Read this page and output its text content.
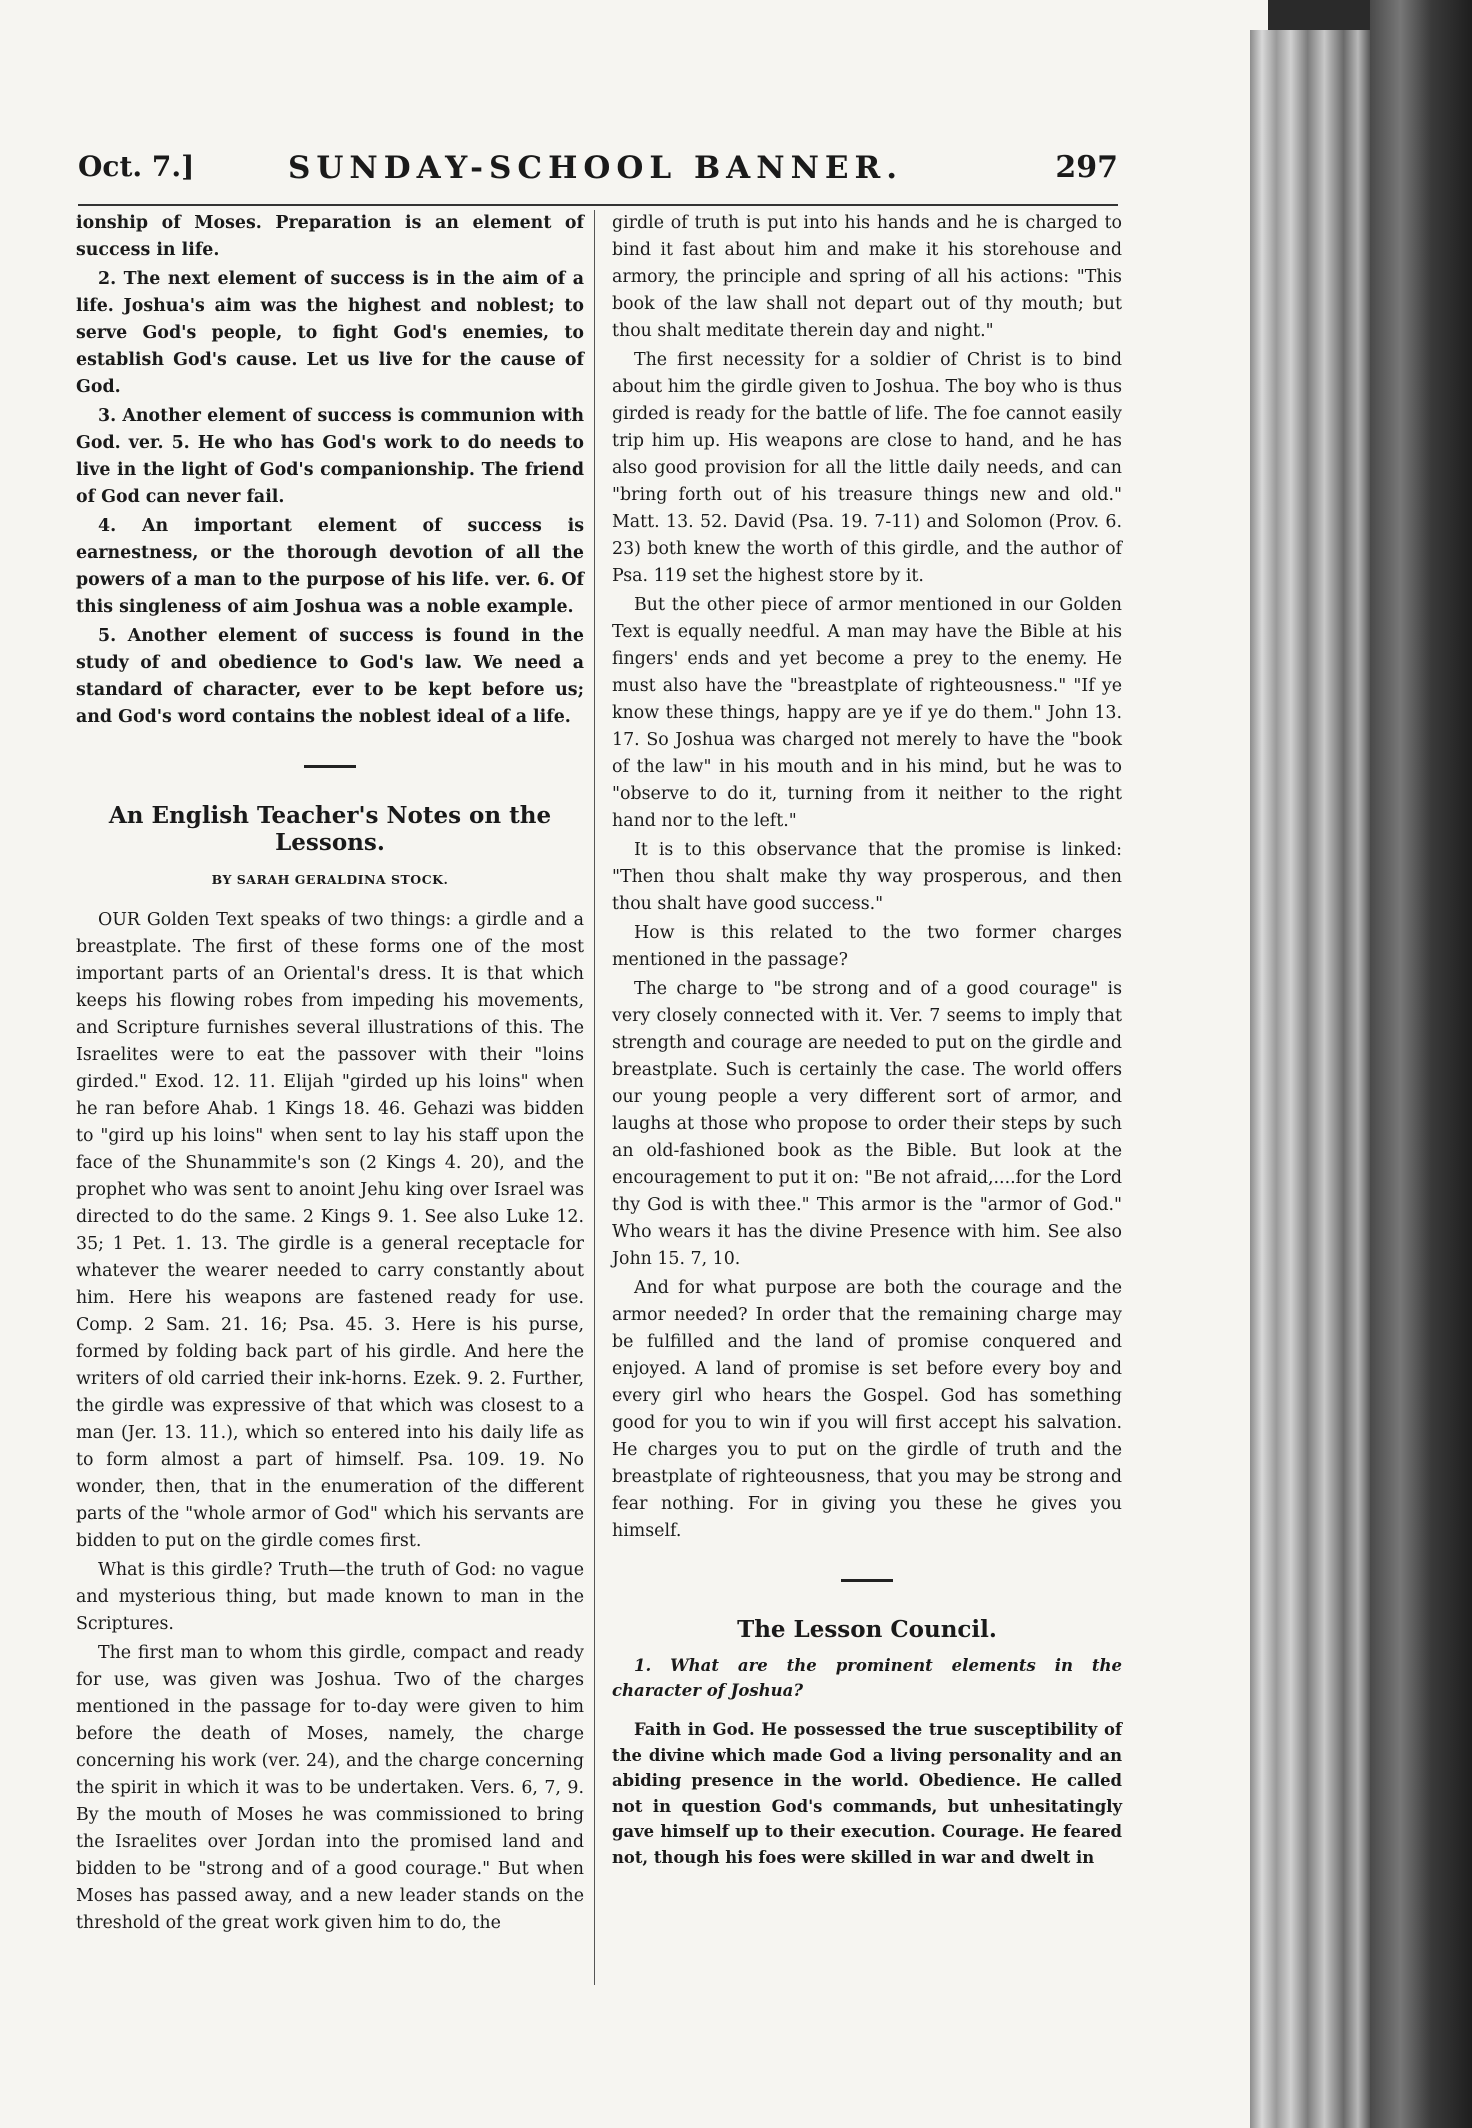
Oct. 7.]	SUNDAY-SCHOOL BANNER.	297

ionship of Moses. Preparation is an element of success in life.

2. The next element of success is in the aim of a life. Joshua's aim was the highest and noblest; to serve God's people, to fight God's enemies, to establish God's cause. Let us live for the cause of God.

3. Another element of success is communion with God. ver. 5. He who has God's work to do needs to live in the light of God's companionship. The friend of God can never fail.

4. An important element of success is earnestness, or the thorough devotion of all the powers of a man to the purpose of his life. ver. 6. Of this singleness of aim Joshua was a noble example.

5. Another element of success is found in the study of and obedience to God's law. We need a standard of character, ever to be kept before us; and God's word contains the noblest ideal of a life.

An English Teacher's Notes on the Lessons.
BY SARAH GERALDINA STOCK.

OUR Golden Text speaks of two things: a girdle and a breastplate. The first of these forms one of the most important parts of an Oriental's dress. It is that which keeps his flowing robes from impeding his movements, and Scripture furnishes several illustrations of this. The Israelites were to eat the passover with their "loins girded." Exod. 12. 11. Elijah "girded up his loins" when he ran before Ahab. 1 Kings 18. 46. Gehazi was bidden to "gird up his loins" when sent to lay his staff upon the face of the Shunammite's son (2 Kings 4. 20), and the prophet who was sent to anoint Jehu king over Israel was directed to do the same. 2 Kings 9. 1. See also Luke 12. 35; 1 Pet. 1. 13. The girdle is a general receptacle for whatever the wearer needed to carry constantly about him. Here his weapons are fastened ready for use. Comp. 2 Sam. 21. 16; Psa. 45. 3. Here is his purse, formed by folding back part of his girdle. And here the writers of old carried their ink-horns. Ezek. 9. 2. Further, the girdle was expressive of that which was closest to a man (Jer. 13. 11.), which so entered into his daily life as to form almost a part of himself. Psa. 109. 19. No wonder, then, that in the enumeration of the different parts of the "whole armor of God" which his servants are bidden to put on the girdle comes first.

What is this girdle? Truth—the truth of God: no vague and mysterious thing, but made known to man in the Scriptures.

The first man to whom this girdle, compact and ready for use, was given was Joshua. Two of the charges mentioned in the passage for to-day were given to him before the death of Moses, namely, the charge concerning his work (ver. 24), and the charge concerning the spirit in which it was to be undertaken. Vers. 6, 7, 9. By the mouth of Moses he was commissioned to bring the Israelites over Jordan into the promised land and bidden to be "strong and of a good courage." But when Moses has passed away, and a new leader stands on the threshold of the great work given him to do, the

girdle of truth is put into his hands and he is charged to bind it fast about him and make it his storehouse and armory, the principle and spring of all his actions: "This book of the law shall not depart out of thy mouth; but thou shalt meditate therein day and night."

The first necessity for a soldier of Christ is to bind about him the girdle given to Joshua. The boy who is thus girded is ready for the battle of life. The foe cannot easily trip him up. His weapons are close to hand, and he has also good provision for all the little daily needs, and can "bring forth out of his treasure things new and old." Matt. 13. 52. David (Psa. 19. 7-11) and Solomon (Prov. 6. 23) both knew the worth of this girdle, and the author of Psa. 119 set the highest store by it.

But the other piece of armor mentioned in our Golden Text is equally needful. A man may have the Bible at his fingers' ends and yet become a prey to the enemy. He must also have the "breastplate of righteousness." "If ye know these things, happy are ye if ye do them." John 13. 17. So Joshua was charged not merely to have the "book of the law" in his mouth and in his mind, but he was to "observe to do it, turning from it neither to the right hand nor to the left."

It is to this observance that the promise is linked: "Then thou shalt make thy way prosperous, and then thou shalt have good success."

How is this related to the two former charges mentioned in the passage?

The charge to "be strong and of a good courage" is very closely connected with it. Ver. 7 seems to imply that strength and courage are needed to put on the girdle and breastplate. Such is certainly the case. The world offers our young people a very different sort of armor, and laughs at those who propose to order their steps by such an old-fashioned book as the Bible. But look at the encouragement to put it on: "Be not afraid,....for the Lord thy God is with thee." This armor is the "armor of God." Who wears it has the divine Presence with him. See also John 15. 7, 10.

And for what purpose are both the courage and the armor needed? In order that the remaining charge may be fulfilled and the land of promise conquered and enjoyed. A land of promise is set before every boy and every girl who hears the Gospel. God has something good for you to win if you will first accept his salvation. He charges you to put on the girdle of truth and the breastplate of righteousness, that you may be strong and fear nothing. For in giving you these he gives you himself.

The Lesson Council.
1. What are the prominent elements in the character of Joshua?

Faith in God. He possessed the true susceptibility of the divine which made God a living personality and an abiding presence in the world. Obedience. He called not in question God's commands, but unhesitatingly gave himself up to their execution. Courage. He feared not, though his foes were skilled in war and dwelt in
